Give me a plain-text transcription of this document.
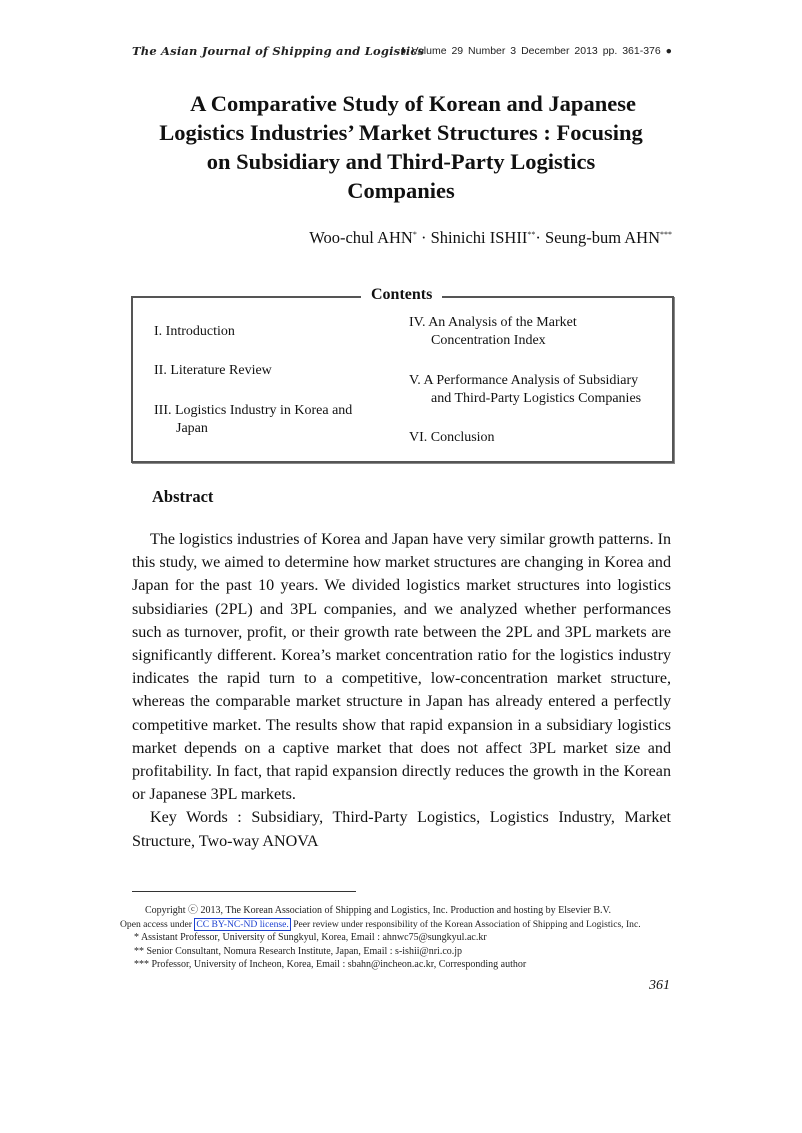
The Asian Journal of Shipping and Logistics
● Volume 29 Number 3 December 2013 pp. 361-376 ●
A Comparative Study of Korean and Japanese
Logistics Industries’ Market Structures : Focusing
on Subsidiary and Third-Party Logistics
Companies
Woo-chul AHN* · Shinichi ISHII**· Seung-bum AHN***
Contents
I. Introduction
II. Literature Review
III. Logistics Industry in Korea and
Japan
IV. An Analysis of the Market
Concentration Index
V. A Performance Analysis of Subsidiary
and Third-Party Logistics Companies
VI. Conclusion
Abstract

The logistics industries of Korea and Japan have very similar growth patterns. In this study, we aimed to determine how market structures are changing in Korea and Japan for the past 10 years. We divided logistics market structures into logistics subsidiaries (2PL) and 3PL companies, and we analyzed whether performances such as turnover, profit, or their growth rate between the 2PL and 3PL markets are significantly different. Korea’s market concentration ratio for the logistics industry indicates the rapid turn to a competitive, low-concentration market structure, whereas the comparable market structure in Japan has already entered a perfectly competitive market. The results show that rapid expansion in a subsidiary logistics market depends on a captive market that does not affect 3PL market size and profitability. In fact, that rapid expansion directly reduces the growth in the Korean or Japanese 3PL markets.

Key Words : Subsidiary, Third-Party Logistics, Logistics Industry, Market Structure, Two-way ANOVA

Copyright ⓒ 2013, The Korean Association of Shipping and Logistics, Inc. Production and hosting by Elsevier B.V.
Open access under CC BY-NC-ND license. Peer review under responsibility of the Korean Association of Shipping and Logistics, Inc.
* Assistant Professor, University of Sungkyul, Korea, Email : ahnwc75@sungkyul.ac.kr
** Senior Consultant, Nomura Research Institute, Japan, Email : s-ishii@nri.co.jp
*** Professor, University of Incheon, Korea, Email : sbahn@incheon.ac.kr, Corresponding author
361
